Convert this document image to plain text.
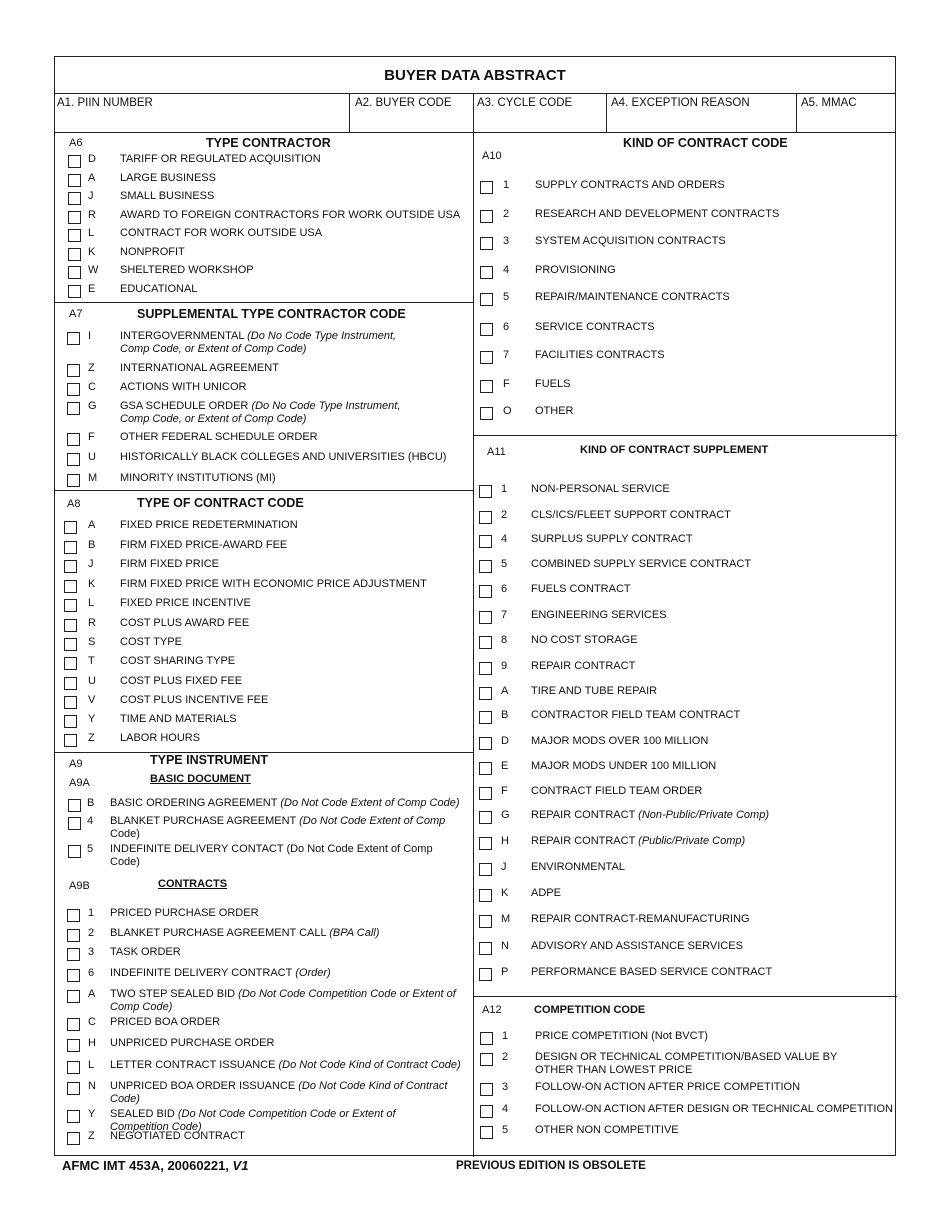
BUYER DATA ABSTRACT
A1. PIIN NUMBER	A2. BUYER CODE A3. CYCLE CODE	A4. EXCEPTION REASON	A5. MMAC
A6	TYPE CONTRACTOR
D TARIFF OR REGULATED ACQUISITION
A LARGE BUSINESS
J SMALL BUSINESS
R AWARD TO FOREIGN CONTRACTORS FOR WORK OUTSIDE USA
L CONTRACT FOR WORK OUTSIDE USA
K NONPROFIT
W SHELTERED WORKSHOP
E EDUCATIONAL
A7	SUPPLEMENTAL TYPE CONTRACTOR CODE
I	INTERGOVERNMENTAL (Do No Code Type Instrument,
Comp Code, or Extent of Comp Code)
Z INTERNATIONAL AGREEMENT
C ACTIONS WITH UNICOR
G GSA SCHEDULE ORDER (Do No Code Type Instrument,
Comp Code, or Extent of Comp Code)
F OTHER FEDERAL SCHEDULE ORDER
U HISTORICALLY BLACK COLLEGES AND UNIVERSITIES (HBCU)
M MINORITY INSTITUTIONS (MI)
A8	TYPE OF CONTRACT CODE
A FIXED PRICE REDETERMINATION
B FIRM FIXED PRICE-AWARD FEE
J FIRM FIXED PRICE
K FIRM FIXED PRICE WITH ECONOMIC PRICE ADJUSTMENT
L FIXED PRICE INCENTIVE
R COST PLUS AWARD FEE
S COST TYPE
T COST SHARING TYPE
U COST PLUS FIXED FEE
V COST PLUS INCENTIVE FEE
Y TIME AND MATERIALS
Z LABOR HOURS
A9	TYPE INSTRUMENT
A9A	BASIC DOCUMENT
B BASIC ORDERING AGREEMENT (Do Not Code Extent of Comp Code)
4 BLANKET PURCHASE AGREEMENT (Do Not Code Extent of Comp
Code)
5 INDEFINITE DELIVERY CONTACT (Do Not Code Extent of Comp
Code)
A9B	CONTRACTS
1 PRICED PURCHASE ORDER
2 BLANKET PURCHASE AGREEMENT CALL (BPA Call)
3 TASK ORDER
6 INDEFINITE DELIVERY CONTRACT (Order)
A TWO STEP SEALED BID (Do Not Code Competition Code or Extent of
Comp Code)
C PRICED BOA ORDER
H UNPRICED PURCHASE ORDER
L LETTER CONTRACT ISSUANCE (Do Not Code Kind of Contract Code)
N UNPRICED BOA ORDER ISSUANCE (Do Not Code Kind of Contract
Code)
Y SEALED BID (Do Not Code Competition Code or Extent of
Competition Code)
Z NEGOTIATED CONTRACT
A10
KIND OF CONTRACT CODE
1 SUPPLY CONTRACTS AND ORDERS
2 RESEARCH AND DEVELOPMENT CONTRACTS
3 SYSTEM ACQUISITION CONTRACTS
4 PROVISIONING
5 REPAIR/MAINTENANCE CONTRACTS
6 SERVICE CONTRACTS
7 FACILITIES CONTRACTS
F FUELS
O OTHER
A11	KIND OF CONTRACT SUPPLEMENT
1 NON-PERSONAL SERVICE
2 CLS/ICS/FLEET SUPPORT CONTRACT
4 SURPLUS SUPPLY CONTRACT
5 COMBINED SUPPLY SERVICE CONTRACT
6 FUELS CONTRACT
7 ENGINEERING SERVICES
8 NO COST STORAGE
9 REPAIR CONTRACT
A TIRE AND TUBE REPAIR
B CONTRACTOR FIELD TEAM CONTRACT
D MAJOR MODS OVER 100 MILLION
E MAJOR MODS UNDER 100 MILLION
F CONTRACT FIELD TEAM ORDER
G REPAIR CONTRACT (Non-Public/Private Comp)
H REPAIR CONTRACT (Public/Private Comp)
J ENVIRONMENTAL
K ADPE
M REPAIR CONTRACT-REMANUFACTURING
N ADVISORY AND ASSISTANCE SERVICES
P PERFORMANCE BASED SERVICE CONTRACT
A12	COMPETITION CODE
1 PRICE COMPETITION (Not BVCT)
2 DESIGN OR TECHNICAL COMPETITION/BASED VALUE BY
OTHER THAN LOWEST PRICE
3 FOLLOW-ON ACTION AFTER PRICE COMPETITION
4 FOLLOW-ON ACTION AFTER DESIGN OR TECHNICAL COMPETITION
5 OTHER NON COMPETITIVE
AFMC IMT 453A, 20060221, V1	PREVIOUS EDITION IS OBSOLETE
